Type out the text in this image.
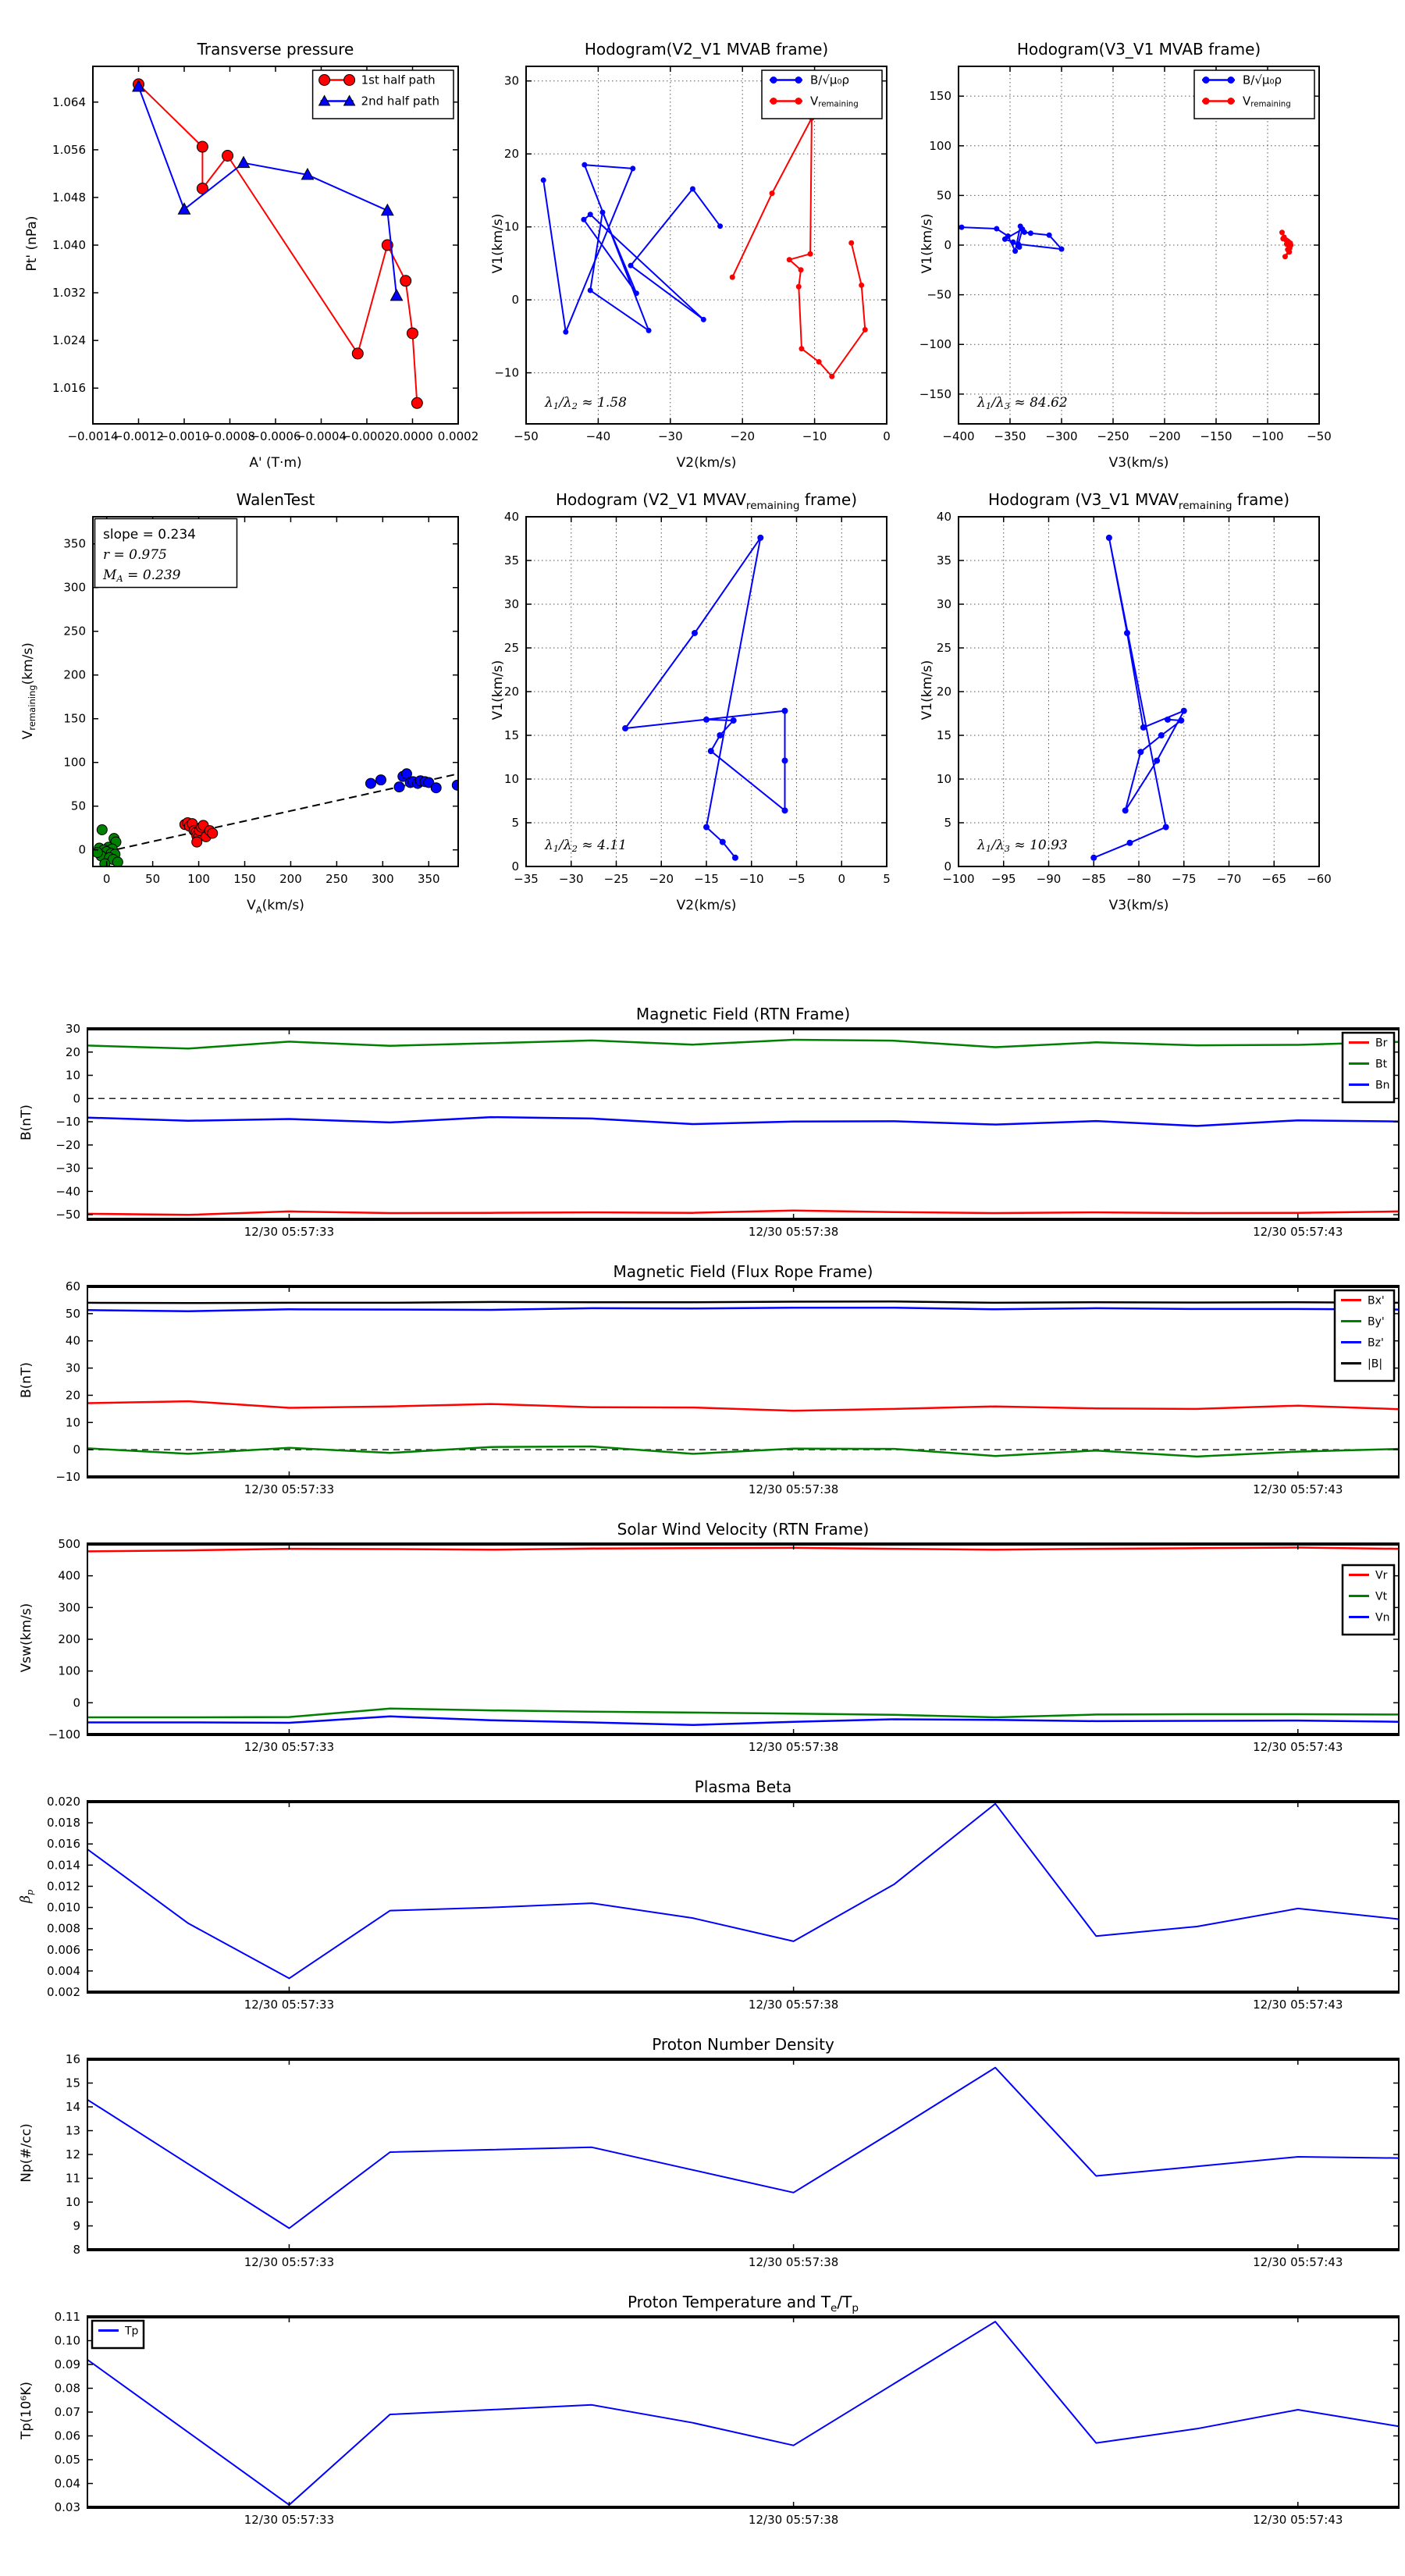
Transverse pressure
Pt' (nPa)
−0.0014
−0.0012
−0.0010
−0.0008
−0.0006
−0.0004
−0.0002 0.0000 0.0002
1.016
1.024
1.032
1.040
1.048
1.056
1.064
1st half path
2nd half path
A' (T·m)
Hodogram(V2_V1 MVAB frame)
V1(km/s)
−50	−40	−30	−20	−10	0
−10
0
10
20
30	B/√μ₀ρ
Vremaining
λ1/λ2 ≈ 1.58
V2(km/s)
Hodogram(V3_V1 MVAB frame)
V1(km/s)
−400 −350 −300 −250 −200 −150 −100 −50
−150
−100
−50
0
50
100
150
B/√μ₀ρ
Vremaining
λ1/λ3 ≈ 84.62
V3(km/s)
WalenTest
$V_{remaining}(km/s)$
0	50 100 150 200 250 300 350
0
50
100
150
200
250
300
350
slope = 0.234
r = 0.975
MA = 0.239
$V_A(km/s)$
Hodogram (V2_V1 $MVAV_{remaining}$ frame)
V1(km/s)
−35 −30 −25 −20 −15 −10 −5	0	5
0
5
10
15
20
25
30
35
40
λ1/λ2 ≈ 4.11
V2(km/s)
Hodogram (V3_V1 $MVAV_{remaining}$ frame)
V1(km/s)
−100 −95 −90 −85 −80 −75 −70 −65 −60
0
5
10
15
20
25
30
35
40
λ1/λ3 ≈ 10.93
V3(km/s)
Magnetic Field (RTN Frame)
B(nT)
12/30 05:57:33	12/30 05:57:38	12/30 05:57:43
−50
−40
−30
−20
−10
0
10
20
30
Br
Bt
Bn
Magnetic Field (Flux Rope Frame)
B(nT)
12/30 05:57:33	12/30 05:57:38	12/30 05:57:43
−10
0
10
20
30
40
50
60
Bx'
By'
Bz'
|B|
Solar Wind Velocity (RTN Frame)
Vsw(km/s)
12/30 05:57:33	12/30 05:57:38	12/30 05:57:43
−100
0
100
200
300
400
500
Vr
Vt
Vn
Plasma Beta
$\beta_p$
12/30 05:57:33	12/30 05:57:38	12/30 05:57:43
0.002
0.004
0.006
0.008
0.010
0.012
0.014
0.016
0.018
0.020
Proton Number Density
Np(#/cc)
12/30 05:57:33	12/30 05:57:38	12/30 05:57:43
8
9
10
11
12
13
14
15
16
Proton Temperature and $T_e/T_p$
Tp(10⁶K)
12/30 05:57:33	12/30 05:57:38	12/30 05:57:43
0.03
0.04
0.05
0.06
0.07
0.08
0.09
0.10
0.11
Tp
